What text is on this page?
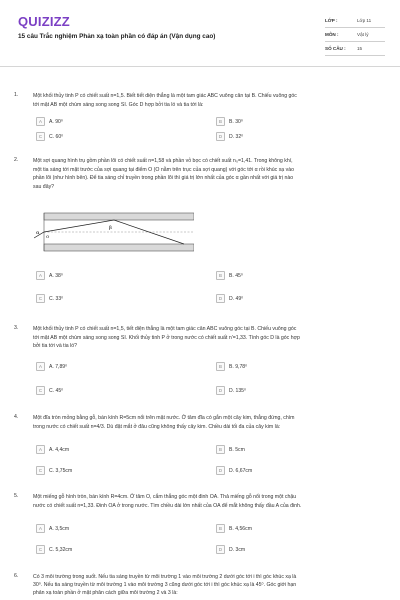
QUIZIZZ
15 câu Trắc nghiệm Phản xạ toàn phần có đáp án (Vận dụng cao)
LỚP :	Lớp 11
MÔN :	Vật lý
SỐ CÂU :	15
1.	Một khối thủy tinh P có chiết suất n=1,5. Biết tiết diện thẳng là một tam giác ABC vuông cân tại B. Chiếu vuông góc
tới mặt AB một chùm sáng song song SI. Góc D hợp bởi tia ló và tia tới là:
A	A. 90⁰	B	B. 30⁰
C	C. 60⁰	D	D. 32⁰
2.	Một sợi quang hình trụ gồm phần lõi có chiết suất n=1,58 và phần vỏ bọc có chiết suất n₀=1,41. Trong không khí,
một tia sáng tới mặt trước của sợi quang tại điểm O (O nằm trên trục của sợi quang) với góc tới α rồi khúc xạ vào
phần lõi (như hình bên). Để tia sáng chỉ truyền trong phần lõi thì giá trị lớn nhất của góc α gần nhất với giá trị nào
sau đây?
α
β
O
A	A. 38⁰	B	B. 45⁰
C	C. 33⁰	D	D. 49⁰
3.	Một khối thủy tinh P có chiết suất n=1,5, tiết diện thẳng là một tam giác cân ABC vuông góc tại B. Chiếu vuông góc
tới mặt AB một chùm sáng song song SI. Khối thủy tinh P ở trong nước có chiết suất n'=1,33. Tính góc D là góc hợp
bởi tia tới và tia ló?
A	A. 7,89⁰	B	B. 9,78⁰
C	C. 45⁰	D	D. 135⁰
4.	Một đĩa tròn mỏng bằng gỗ, bán kính R=5cm nổi trên mặt nước. Ở tâm đĩa có gắn một cây kim, thẳng đứng, chìm
trong nước có chiết suất n=4/3. Dù đặt mắt ở đâu cũng không thấy cây kim. Chiều dài tối đa của cây kim là:
A	A. 4,4cm	B	B. 5cm
C	C. 3,75cm	D	D. 6,67cm
5.	Một miếng gỗ hình tròn, bán kính R=4cm. Ở tâm O, cắm thẳng góc một đinh OA. Thả miếng gỗ nổi trong một chậu
nước có chiết suất n=1,33. Đinh OA ở trong nước. Tìm chiều dài lớn nhất của OA để mắt không thấy đầu A của đinh.
A	A. 3,5cm	B	B. 4,56cm
C	C. 5,32cm	D	D. 3cm
6.	Có 3 môi trường trong suốt. Nếu tia sáng truyền từ môi trường 1 vào môi trường 2 dưới góc tới i thì góc khúc xạ là
30⁰. Nếu tia sáng truyền từ môi trường 1 vào môi trường 3 cũng dưới góc tới i thì góc khúc xạ là 45⁰. Góc giới hạn
phản xạ toàn phần ở mặt phân cách giữa môi trường 2 và 3 là:
